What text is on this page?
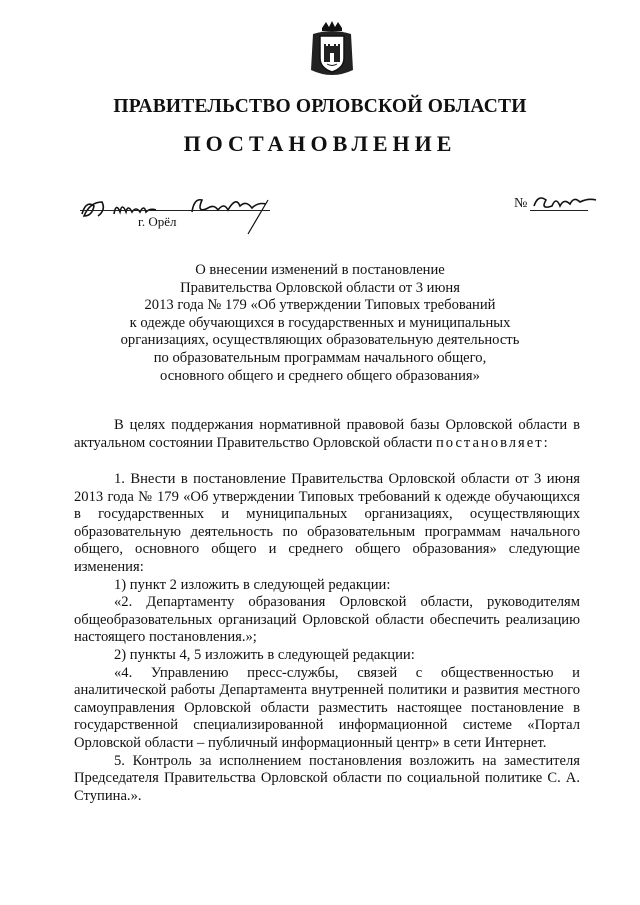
ПРАВИТЕЛЬСТВО ОРЛОВСКОЙ ОБЛАСТИ
ПОСТАНОВЛЕНИЕ
г. Орёл
№
О внесении изменений в постановление
Правительства Орловской области от 3 июня
2013 года № 179 «Об утверждении Типовых требований
к одежде обучающихся в государственных и муниципальных
организациях, осуществляющих образовательную деятельность
по образовательным программам начального общего,
основного общего и среднего общего образования»
В целях поддержания нормативной правовой базы Орловской области в актуальном состоянии Правительство Орловской области постановляет:
1. Внести в постановление Правительства Орловской области от 3 июня 2013 года № 179 «Об утверждении Типовых требований к одежде обучающихся в государственных и муниципальных организациях, осуществляющих образовательную деятельность по образовательным программам начального общего, основного общего и среднего общего образования» следующие изменения:
1) пункт 2 изложить в следующей редакции:
«2. Департаменту образования Орловской области, руководителям общеобразовательных организаций Орловской области обеспечить реализацию настоящего постановления.»;
2) пункты 4, 5 изложить в следующей редакции:
«4. Управлению пресс-службы, связей с общественностью и аналитической работы Департамента внутренней политики и развития местного самоуправления Орловской области разместить настоящее постановление в государственной специализированной информационной системе «Портал Орловской области – публичный информационный центр» в сети Интернет.
5. Контроль за исполнением постановления возложить на заместителя Председателя Правительства Орловской области по социальной политике С. А. Ступина.».
